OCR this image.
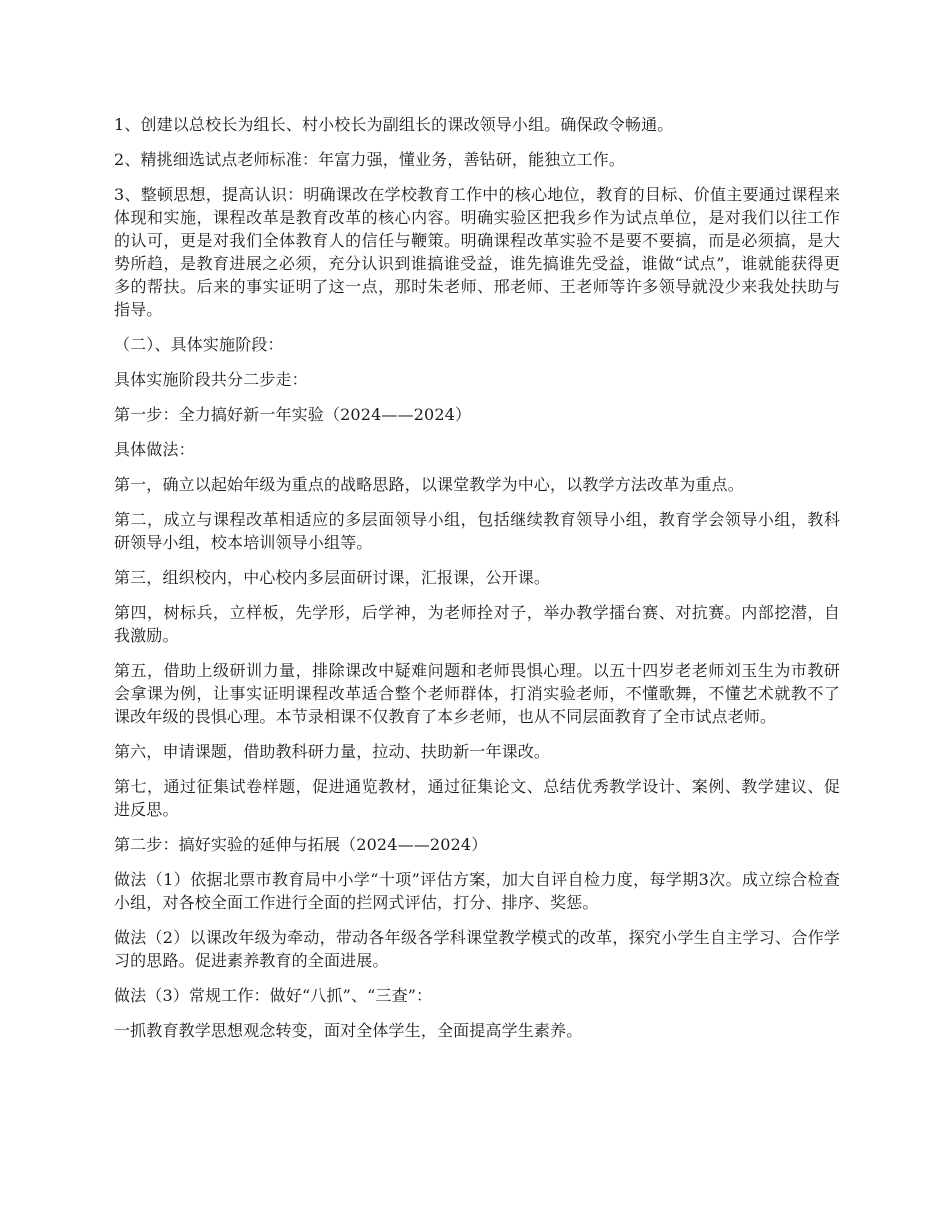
1、创建以总校长为组长、村小校长为副组长的课改领导小组。确保政令畅通。

2、精挑细选试点老师标准：年富力强，懂业务，善钻研，能独立工作。

3、整顿思想，提高认识：明确课改在学校教育工作中的核心地位，教育的目标、价值主要通过课程来体现和实施，课程改革是教育改革的核心内容。明确实验区把我乡作为试点单位，是对我们以往工作的认可，更是对我们全体教育人的信任与鞭策。明确课程改革实验不是要不要搞，而是必须搞，是大势所趋，是教育进展之必须，充分认识到谁搞谁受益，谁先搞谁先受益，谁做“试点”，谁就能获得更多的帮扶。后来的事实证明了这一点，那时朱老师、邢老师、王老师等许多领导就没少来我处扶助与指导。

（二）、具体实施阶段：

具体实施阶段共分二步走：

第一步：全力搞好新一年实验（2024——2024）

具体做法：

第一，确立以起始年级为重点的战略思路，以课堂教学为中心，以教学方法改革为重点。

第二，成立与课程改革相适应的多层面领导小组，包括继续教育领导小组，教育学会领导小组，教科研领导小组，校本培训领导小组等。

第三，组织校内，中心校内多层面研讨课，汇报课，公开课。

第四，树标兵，立样板，先学形，后学神，为老师拴对子，举办教学擂台赛、对抗赛。内部挖潜，自我激励。

第五，借助上级研训力量，排除课改中疑难问题和老师畏惧心理。以五十四岁老老师刘玉生为市教研会拿课为例，让事实证明课程改革适合整个老师群体，打消实验老师，不懂歌舞，不懂艺术就教不了课改年级的畏惧心理。本节录相课不仅教育了本乡老师，也从不同层面教育了全市试点老师。

第六，申请课题，借助教科研力量，拉动、扶助新一年课改。

第七，通过征集试卷样题，促进通览教材，通过征集论文、总结优秀教学设计、案例、教学建议、促进反思。

第二步：搞好实验的延伸与拓展（2024——2024）

做法（1）依据北票市教育局中小学“十项”评估方案，加大自评自检力度，每学期3次。成立综合检查小组，对各校全面工作进行全面的拦网式评估，打分、排序、奖惩。

做法（2）以课改年级为牵动，带动各年级各学科课堂教学模式的改革，探究小学生自主学习、合作学习的思路。促进素养教育的全面进展。

做法（3）常规工作：做好“八抓”、“三查”：

一抓教育教学思想观念转变，面对全体学生，全面提高学生素养。
